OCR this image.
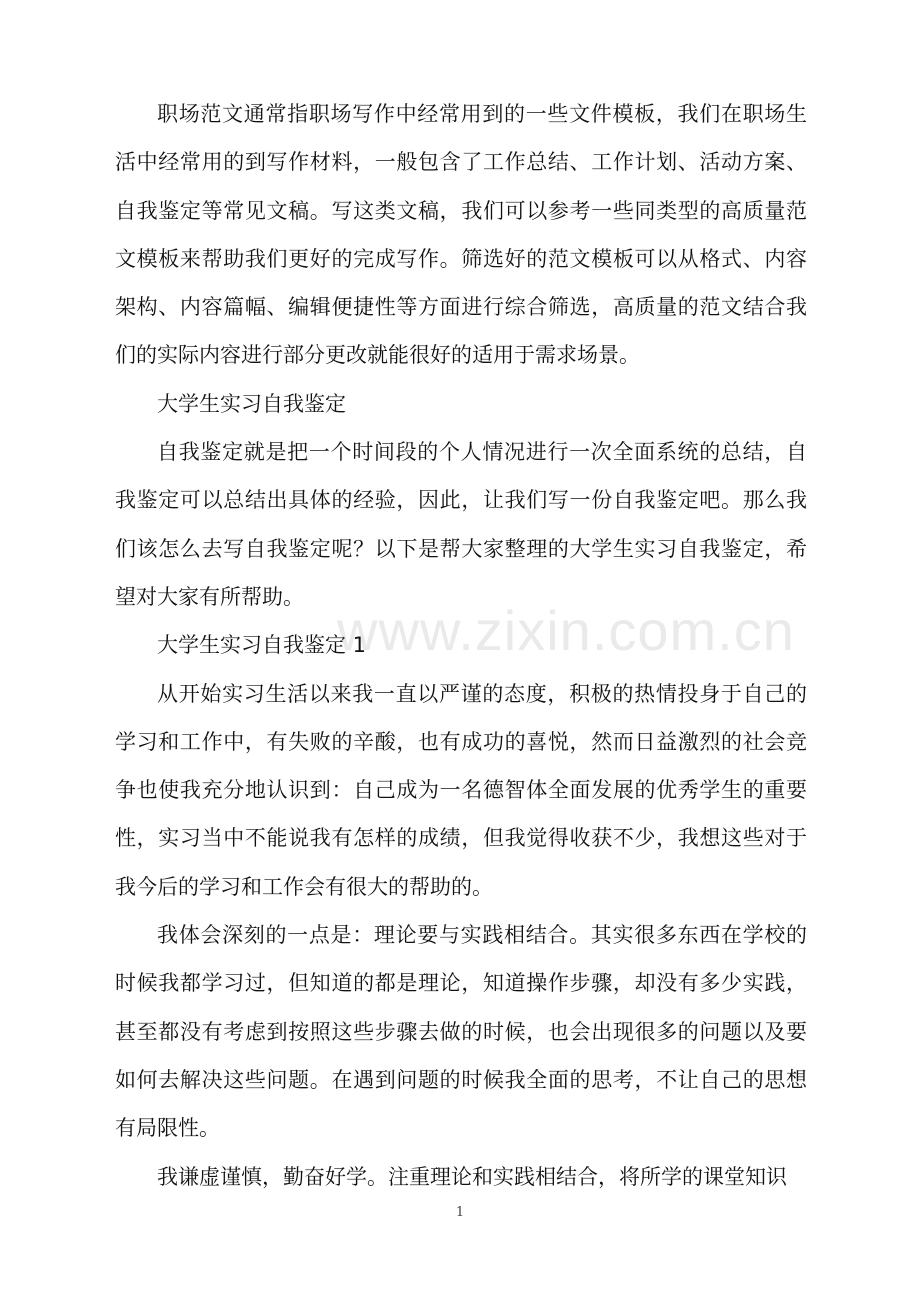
职场范文通常指职场写作中经常用到的一些文件模板，我们在职场生活中经常用的到写作材料，一般包含了工作总结、工作计划、活动方案、自我鉴定等常见文稿。写这类文稿，我们可以参考一些同类型的高质量范文模板来帮助我们更好的完成写作。筛选好的范文模板可以从格式、内容架构、内容篇幅、编辑便捷性等方面进行综合筛选，高质量的范文结合我们的实际内容进行部分更改就能很好的适用于需求场景。

大学生实习自我鉴定

自我鉴定就是把一个时间段的个人情况进行一次全面系统的总结，自我鉴定可以总结出具体的经验，因此，让我们写一份自我鉴定吧。那么我们该怎么去写自我鉴定呢？以下是帮大家整理的大学生实习自我鉴定，希望对大家有所帮助。

大学生实习自我鉴定 1

从开始实习生活以来我一直以严谨的态度，积极的热情投身于自己的学习和工作中，有失败的辛酸，也有成功的喜悦，然而日益激烈的社会竞争也使我充分地认识到：自己成为一名德智体全面发展的优秀学生的重要性，实习当中不能说我有怎样的成绩，但我觉得收获不少，我想这些对于我今后的学习和工作会有很大的帮助的。

我体会深刻的一点是：理论要与实践相结合。其实很多东西在学校的时候我都学习过，但知道的都是理论，知道操作步骤，却没有多少实践，甚至都没有考虑到按照这些步骤去做的时候，也会出现很多的问题以及要如何去解决这些问题。在遇到问题的时候我全面的思考，不让自己的思想有局限性。

我谦虚谨慎，勤奋好学。注重理论和实践相结合，将所学的课堂知识

www.zixin.com.cn
1
